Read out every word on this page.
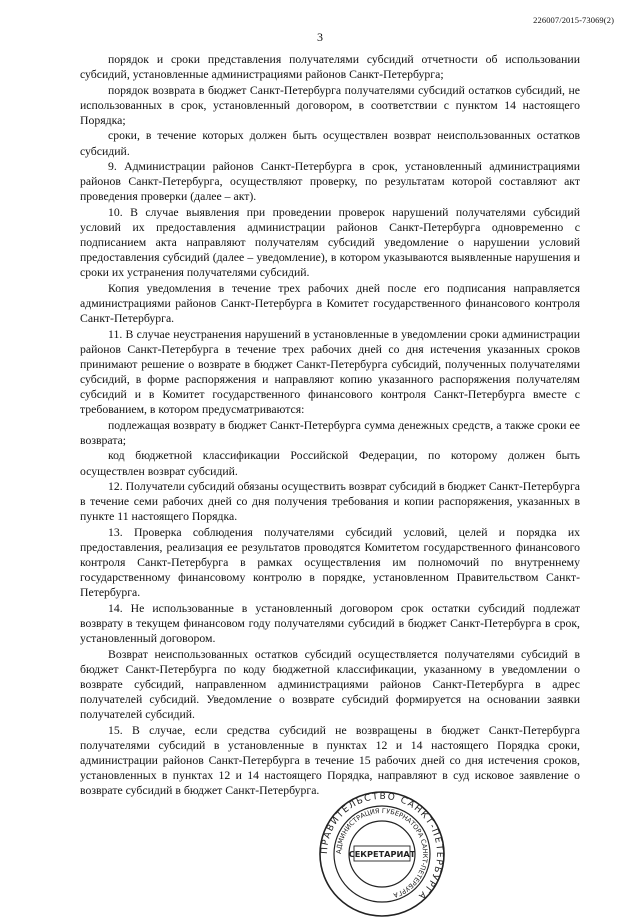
226007/2015-73069(2)
3

порядок и сроки представления получателями субсидий отчетности об использовании субсидий, установленные администрациями районов Санкт-Петербурга;

порядок возврата в бюджет Санкт-Петербурга получателями субсидий остатков субсидий, не использованных в срок, установленный договором, в соответствии с пунктом 14 настоящего Порядка;

сроки, в течение которых должен быть осуществлен возврат неиспользованных остатков субсидий.

9. Администрации районов Санкт-Петербурга в срок, установленный администрациями районов Санкт-Петербурга, осуществляют проверку, по результатам которой составляют акт проведения проверки (далее – акт).

10. В случае выявления при проведении проверок нарушений получателями субсидий условий их предоставления администрации районов Санкт-Петербурга одновременно с подписанием акта направляют получателям субсидий уведомление о нарушении условий предоставления субсидий (далее – уведомление), в котором указываются выявленные нарушения и сроки их устранения получателями субсидий.

Копия уведомления в течение трех рабочих дней после его подписания направляется администрациями районов Санкт-Петербурга в Комитет государственного финансового контроля Санкт-Петербурга.

11. В случае неустранения нарушений в установленные в уведомлении сроки администрации районов Санкт-Петербурга в течение трех рабочих дней со дня истечения указанных сроков принимают решение о возврате в бюджет Санкт-Петербурга субсидий, полученных получателями субсидий, в форме распоряжения и направляют копию указанного распоряжения получателям субсидий и в Комитет государственного финансового контроля Санкт-Петербурга вместе с требованием, в котором предусматриваются:

подлежащая возврату в бюджет Санкт-Петербурга сумма денежных средств, а также сроки ее возврата;

код бюджетной классификации Российской Федерации, по которому должен быть осуществлен возврат субсидий.

12. Получатели субсидий обязаны осуществить возврат субсидий в бюджет Санкт-Петербурга в течение семи рабочих дней со дня получения требования и копии распоряжения, указанных в пункте 11 настоящего Порядка.

13. Проверка соблюдения получателями субсидий условий, целей и порядка их предоставления, реализация ее результатов проводятся Комитетом государственного финансового контроля Санкт-Петербурга в рамках осуществления им полномочий по внутреннему государственному финансовому контролю в порядке, установленном Правительством Санкт-Петербурга.

14. Не использованные в установленный договором срок остатки субсидий подлежат возврату в текущем финансовом году получателями субсидий в бюджет Санкт-Петербурга в срок, установленный договором.

Возврат неиспользованных остатков субсидий осуществляется получателями субсидий в бюджет Санкт-Петербурга по коду бюджетной классификации, указанному в уведомлении о возврате субсидий, направленном администрациями районов Санкт-Петербурга в адрес получателей субсидий. Уведомление о возврате субсидий формируется на основании заявки получателей субсидий.

15. В случае, если средства субсидий не возвращены в бюджет Санкт-Петербурга получателями субсидий в установленные в пунктах 12 и 14 настоящего Порядка сроки, администрации районов Санкт-Петербурга в течение 15 рабочих дней со дня истечения сроков, установленных в пунктах 12 и 14 настоящего Порядка, направляют в суд исковое заявление о возврате субсидий в бюджет Санкт-Петербурга.

ПРАВИТЕЛЬСТВО САНКТ-ПЕТЕРБУРГА
АДМИНИСТРАЦИЯ ГУБЕРНАТОРА САНКТ-ПЕТЕРБУРГА
СЕКРЕТАРИАТ
